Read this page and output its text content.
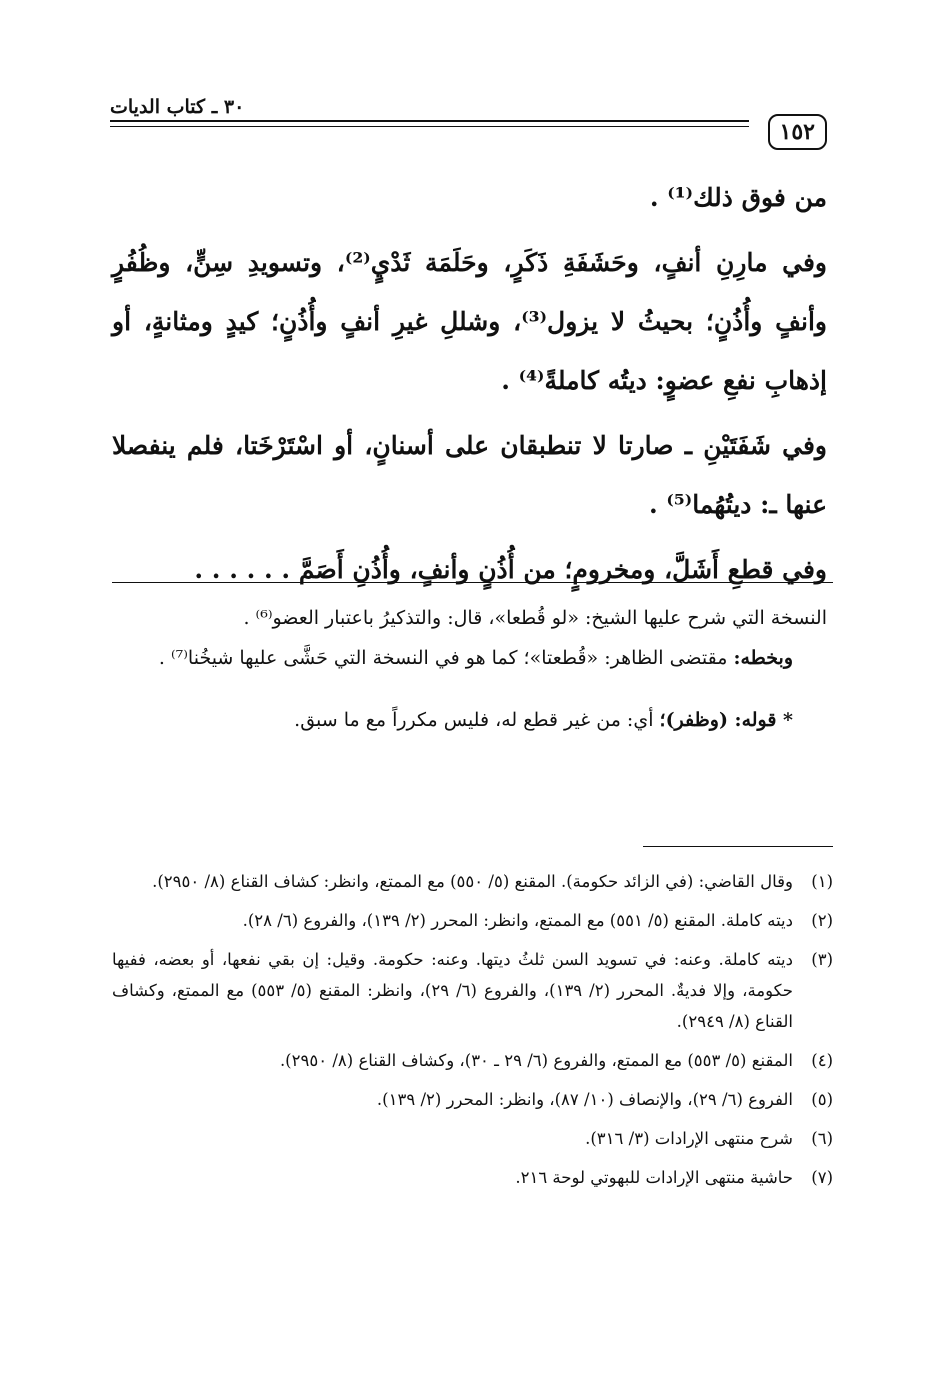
١٥٢
٣٠ ـ كتاب الديات

من فوق ذلك⁽¹⁾ .

وفي مارِنِ أنفٍ، وحَشَفَةِ ذَكَرٍ، وحَلَمَة ثَدْيٍ⁽²⁾، وتسويدِ سِنٍّ، وظُفُرٍ وأنفٍ وأُذُنٍ؛ بحيثُ لا يزول⁽³⁾، وشللِ غيرِ أنفٍ وأُذُنٍ؛ كيدٍ ومثانةٍ، أو إذهابِ نفعِ عضوٍ: ديتُه كاملةً⁽⁴⁾ .

وفي شَفَتَيْنِ ـ صارتا لا تنطبقان على أسنانٍ، أو اسْتَرْخَتا، فلم ينفصلا عنها ـ: ديتُهُما⁽⁵⁾ .

وفي قطعِ أَشَلَّ، ومخرومٍ؛ من أُذُنٍ وأنفٍ، وأُذُنِ أَصَمَّ . . . . . .

النسخة التي شرح عليها الشيخ: «لو قُطعا»، قال: والتذكيرُ باعتبار العضو⁽⁶⁾ .

وبخطه: مقتضى الظاهر: «قُطعتا»؛ كما هو في النسخة التي حَشَّى عليها شيخُنا⁽⁷⁾ .

* قوله: (وظفر)؛ أي: من غير قطع له، فليس مكرراً مع ما سبق.

(١)
وقال القاضي: (في الزائد حكومة). المقنع (٥/ ٥٥٠) مع الممتع، وانظر: كشاف القناع (٨/ ٢٩٥٠).
(٢)
ديته كاملة. المقنع (٥/ ٥٥١) مع الممتع، وانظر: المحرر (٢/ ١٣٩)، والفروع (٦/ ٢٨).
(٣)
ديته كاملة. وعنه: في تسويد السن ثلثُ ديتها. وعنه: حكومة. وقيل: إن بقي نفعها، أو بعضه، ففيها حكومة، وإلا فديةٌ. المحرر (٢/ ١٣٩)، والفروع (٦/ ٢٩)، وانظر: المقنع (٥/ ٥٥٣) مع الممتع، وكشاف القناع (٨/ ٢٩٤٩).
(٤)
المقنع (٥/ ٥٥٣) مع الممتع، والفروع (٦/ ٢٩ ـ ٣٠)، وكشاف القناع (٨/ ٢٩٥٠).
(٥)
الفروع (٦/ ٢٩)، والإنصاف (١٠/ ٨٧)، وانظر: المحرر (٢/ ١٣٩).
(٦)
شرح منتهى الإرادات (٣/ ٣١٦).
(٧)
حاشية منتهى الإرادات للبهوتي لوحة ٢١٦.
